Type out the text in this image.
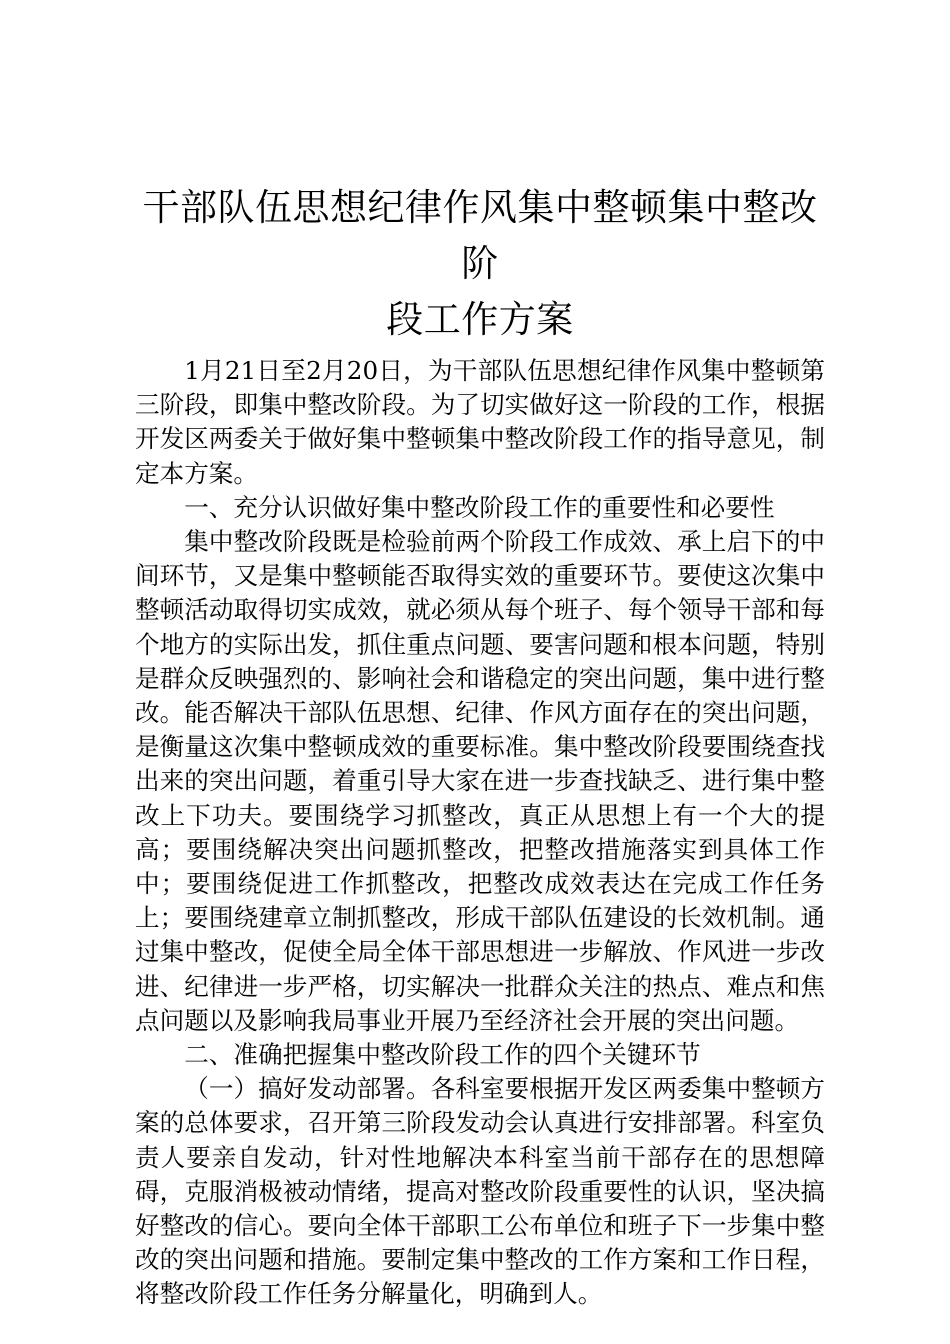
干部队伍思想纪律作风集中整顿集中整改阶
段工作方案

1月21日至2月20日，为干部队伍思想纪律作风集中整顿第三阶段，即集中整改阶段。为了切实做好这一阶段的工作，根据开发区两委关于做好集中整顿集中整改阶段工作的指导意见，制定本方案。

一、充分认识做好集中整改阶段工作的重要性和必要性

集中整改阶段既是检验前两个阶段工作成效、承上启下的中间环节，又是集中整顿能否取得实效的重要环节。要使这次集中整顿活动取得切实成效，就必须从每个班子、每个领导干部和每个地方的实际出发，抓住重点问题、要害问题和根本问题，特别是群众反映强烈的、影响社会和谐稳定的突出问题，集中进行整改。能否解决干部队伍思想、纪律、作风方面存在的突出问题，是衡量这次集中整顿成效的重要标准。集中整改阶段要围绕查找出来的突出问题，着重引导大家在进一步查找缺乏、进行集中整改上下功夫。要围绕学习抓整改，真正从思想上有一个大的提高；要围绕解决突出问题抓整改，把整改措施落实到具体工作中；要围绕促进工作抓整改，把整改成效表达在完成工作任务上；要围绕建章立制抓整改，形成干部队伍建设的长效机制。通过集中整改，促使全局全体干部思想进一步解放、作风进一步改进、纪律进一步严格，切实解决一批群众关注的热点、难点和焦点问题以及影响我局事业开展乃至经济社会开展的突出问题。

二、准确把握集中整改阶段工作的四个关键环节

（一）搞好发动部署。各科室要根据开发区两委集中整顿方案的总体要求，召开第三阶段发动会认真进行安排部署。科室负责人要亲自发动，针对性地解决本科室当前干部存在的思想障碍，克服消极被动情绪，提高对整改阶段重要性的认识，坚决搞好整改的信心。要向全体干部职工公布单位和班子下一步集中整改的突出问题和措施。要制定集中整改的工作方案和工作日程，将整改阶段工作任务分解量化，明确到人。
